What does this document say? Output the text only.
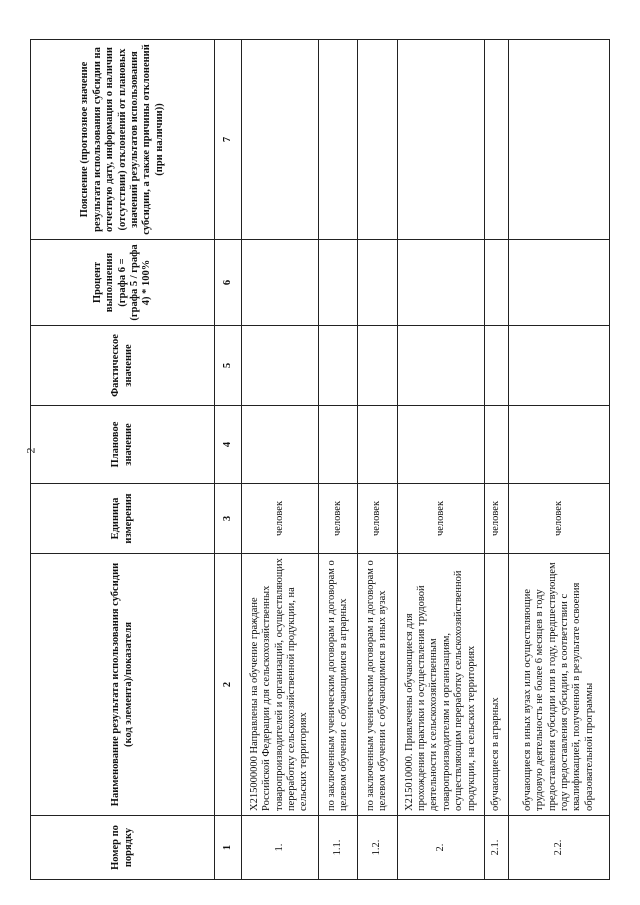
2
Номер по порядку	Наименование результата использования субсидии (код элемента)/показателя	Единица измерения	Плановое значение	Фактическое значение	Процент выполнения (графа 6 = (графа 5 / графа 4) * 100%	Пояснение (прогнозное значение результата использования субсидии на отчетную дату, информация о наличии (отсутствии) отклонений от плановых значений результатов использования субсидии, а также причины отклонений (при наличии))
1	2	3	4	5	6	7
1.	Х215000000 Направлены на обучение граждане Российской Федерации для сельскохозяйственных товаропроизводителей и организаций, осуществляющих переработку сельскохозяйственной продукции, на сельских территориях	человек				
1.1.	по заключенным ученическим договорам и договорам о целевом обучении с обучающимися в аграрных	человек				
1.2.	по заключенным ученическим договорам и договорам о целевом обучении с обучающимися в иных вузах	человек				
2.	Х215010000. Привлечены обучающиеся для прохождения практики и осуществления трудовой деятельности к сельскохозяйственным товаропроизводителям и организациям, осуществляющим переработку сельскохозяйственной продукции, на сельских территориях	человек				
2.1.	обучающиеся в аграрных	человек				
2.2.	обучающиеся в иных вузах или осуществляющие трудовую деятельность не более 6 месяцев в году предоставления субсидии или в году, предшествующем году предоставления субсидии, в соответствии с квалификацией, полученной в результате освоения образовательной программы	человек				
